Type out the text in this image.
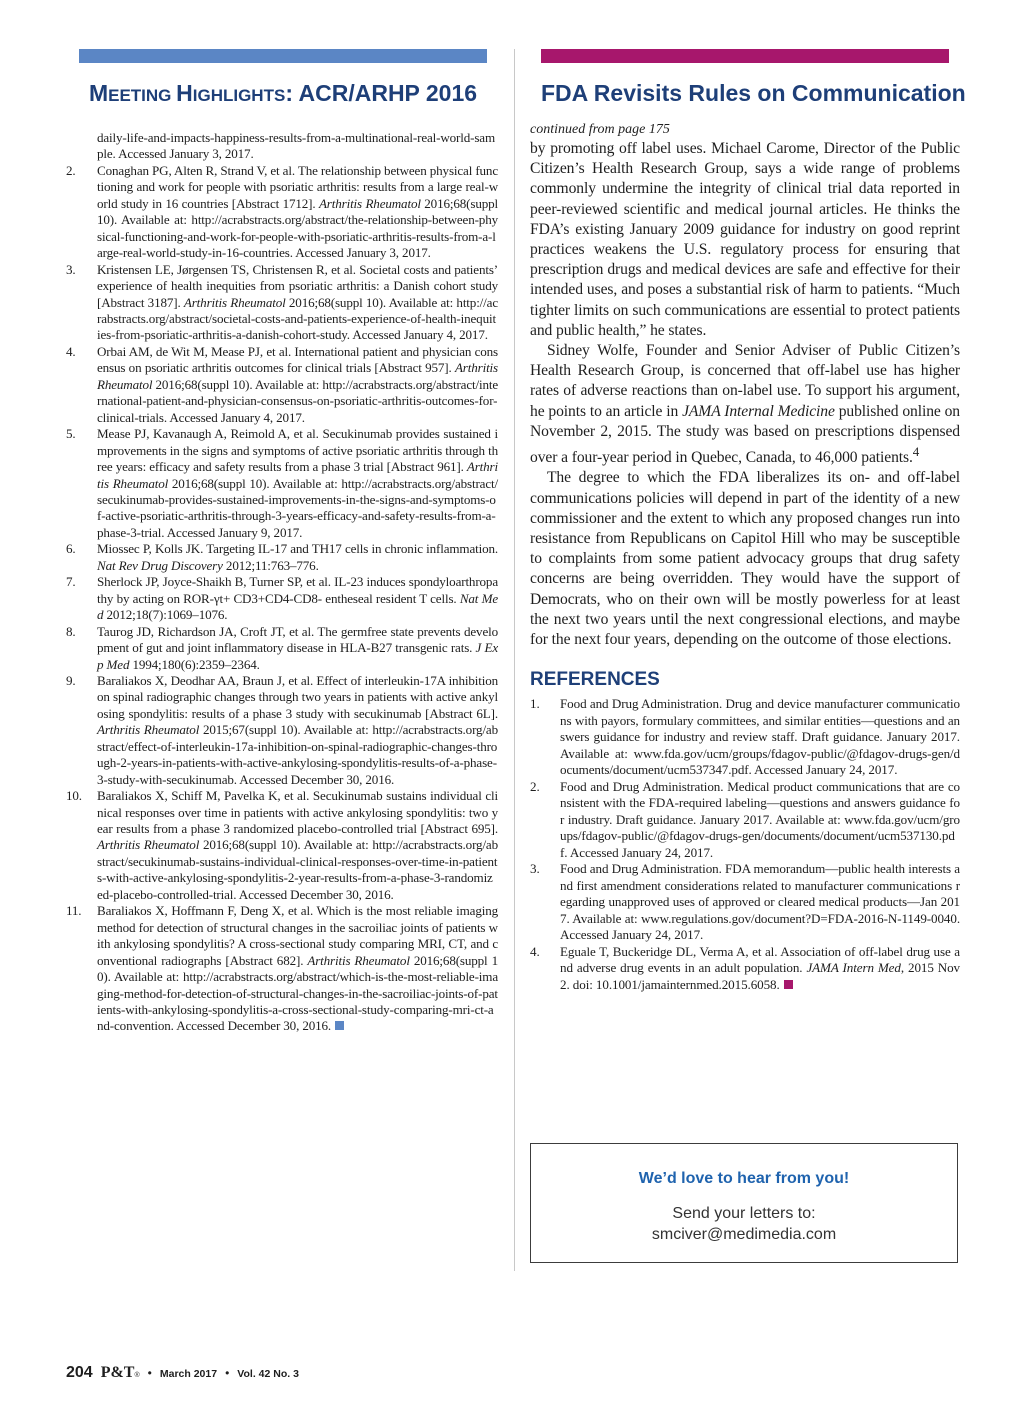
MEETING HIGHLIGHTS: ACR/ARHP 2016	FDA Revisits Rules on Communication
daily-life-and-impacts-happiness-results-from-a-multinational-real-world-sample. Accessed January 3, 2017.
2.	Conaghan PG, Alten R, Strand V, et al. The relationship between physical functioning and work for people with psoriatic arthritis: results from a large real-world study in 16 countries [Abstract 1712]. Arthritis Rheumatol 2016;68(suppl 10). Available at: http://acrabstracts.org/abstract/the-relationship-between-physical-functioning-and-work-for-people-with-psoriatic-arthritis-results-from-a-large-real-world-study-in-16-countries. Accessed January 3, 2017.
3.	Kristensen LE, Jørgensen TS, Christensen R, et al. Societal costs and patients’ experience of health inequities from psoriatic arthritis: a Danish cohort study [Abstract 3187]. Arthritis Rheumatol 2016;68(suppl 10). Available at: http://acrabstracts.org/abstract/societal-costs-and-patients-experience-of-health-inequities-from-psoriatic-arthritis-a-danish-cohort-study. Accessed January 4, 2017.
4.	Orbai AM, de Wit M, Mease PJ, et al. International patient and physician consensus on psoriatic arthritis outcomes for clinical trials [Abstract 957]. Arthritis Rheumatol 2016;68(suppl 10). Available at: http://acrabstracts.org/abstract/international-patient-and-physician-consensus-on-psoriatic-arthritis-outcomes-for-clinical-trials. Accessed January 4, 2017.
5.	Mease PJ, Kavanaugh A, Reimold A, et al. Secukinumab provides sustained improvements in the signs and symptoms of active psoriatic arthritis through three years: efficacy and safety results from a phase 3 trial [Abstract 961]. Arthritis Rheumatol 2016;68(suppl 10). Available at: http://acrabstracts.org/abstract/secukinumab-provides-sustained-improvements-in-the-signs-and-symptoms-of-active-psoriatic-arthritis-through-3-years-efficacy-and-safety-results-from-a-phase-3-trial. Accessed January 9, 2017.
6.	Miossec P, Kolls JK. Targeting IL-17 and TH17 cells in chronic inflammation. Nat Rev Drug Discovery 2012;11:763–776.
7.	Sherlock JP, Joyce-Shaikh B, Turner SP, et al. IL-23 induces spondyloarthropathy by acting on ROR-γt+ CD3+CD4-CD8- entheseal resident T cells. Nat Med 2012;18(7):1069–1076.
8.	Taurog JD, Richardson JA, Croft JT, et al. The germfree state prevents development of gut and joint inflammatory disease in HLA-B27 transgenic rats. J Exp Med 1994;180(6):2359–2364.
9.	Baraliakos X, Deodhar AA, Braun J, et al. Effect of interleukin-17A inhibition on spinal radiographic changes through two years in patients with active ankylosing spondylitis: results of a phase 3 study with secukinumab [Abstract 6L]. Arthritis Rheumatol 2015;67(suppl 10). Available at: http://acrabstracts.org/abstract/effect-of-interleukin-17a-inhibition-on-spinal-radiographic-changes-through-2-years-in-patients-with-active-ankylosing-spondylitis-results-of-a-phase-3-study-with-secukinumab. Accessed December 30, 2016.
10.	Baraliakos X, Schiff M, Pavelka K, et al. Secukinumab sustains individual clinical responses over time in patients with active ankylosing spondylitis: two year results from a phase 3 randomized placebo-controlled trial [Abstract 695]. Arthritis Rheumatol 2016;68(suppl 10). Available at: http://acrabstracts.org/abstract/secukinumab-sustains-individual-clinical-responses-over-time-in-patients-with-active-ankylosing-spondylitis-2-year-results-from-a-phase-3-randomized-placebo-controlled-trial. Accessed December 30, 2016.
11.	Baraliakos X, Hoffmann F, Deng X, et al. Which is the most reliable imaging method for detection of structural changes in the sacroiliac joints of patients with ankylosing spondylitis? A cross-sectional study comparing MRI, CT, and conventional radiographs [Abstract 682]. Arthritis Rheumatol 2016;68(suppl 10). Available at: http://acrabstracts.org/abstract/which-is-the-most-reliable-imaging-method-for-detection-of-structural-changes-in-the-sacroiliac-joints-of-patients-with-ankylosing-spondylitis-a-cross-sectional-study-comparing-mri-ct-and-convention. Accessed December 30, 2016.

continued from page 175

by promoting off label uses. Michael Carome, Director of the Public Citizen’s Health Research Group, says a wide range of problems commonly undermine the integrity of clinical trial data reported in peer-reviewed scientific and medical journal articles. He thinks the FDA’s existing January 2009 guidance for industry on good reprint practices weakens the U.S. regulatory process for ensuring that prescription drugs and medical devices are safe and effective for their intended uses, and poses a substantial risk of harm to patients. “Much tighter limits on such communications are essential to protect patients and public health,” he states.

Sidney Wolfe, Founder and Senior Adviser of Public Citizen’s Health Research Group, is concerned that off-label use has higher rates of adverse reactions than on-label use. To support his argument, he points to an article in JAMA Internal Medicine published online on November 2, 2015. The study was based on prescriptions dispensed over a four-year period in Quebec, Canada, to 46,000 patients.$^4$

The degree to which the FDA liberalizes its on- and off-label communications policies will depend in part of the identity of a new commissioner and the extent to which any proposed changes run into resistance from Republicans on Capitol Hill who may be susceptible to complaints from some patient advocacy groups that drug safety concerns are being overridden. They would have the support of Democrats, who on their own will be mostly powerless for at least the next two years until the next congressional elections, and maybe for the next four years, depending on the outcome of those elections.

REFERENCES
1.	Food and Drug Administration. Drug and device manufacturer communications with payors, formulary committees, and similar entities—questions and answers guidance for industry and review staff. Draft guidance. January 2017. Available at: www.fda.gov/ucm/groups/fdagov-public/@fdagov-drugs-gen/documents/document/ucm537347.pdf. Accessed January 24, 2017.
2.	Food and Drug Administration. Medical product communications that are consistent with the FDA-required labeling—questions and answers guidance for industry. Draft guidance. January 2017. Available at: www.fda.gov/ucm/groups/fdagov-public/@fdagov-drugs-gen/documents/document/ucm537130.pdf. Accessed January 24, 2017.
3.	Food and Drug Administration. FDA memorandum—public health interests and first amendment considerations related to manufacturer communications regarding unapproved uses of approved or cleared medical products—Jan 2017. Available at: www.regulations.gov/document?D=FDA-2016-N-1149-0040. Accessed January 24, 2017.
4.	Eguale T, Buckeridge DL, Verma A, et al. Association of off-label drug use and adverse drug events in an adult population. JAMA Intern Med, 2015 Nov 2. doi: 10.1001/jamainternmed.2015.6058.
We’d love to hear from you!
Send your letters to:
smciver@medimedia.com
204 P&T® • March 2017 • Vol. 42 No. 3
